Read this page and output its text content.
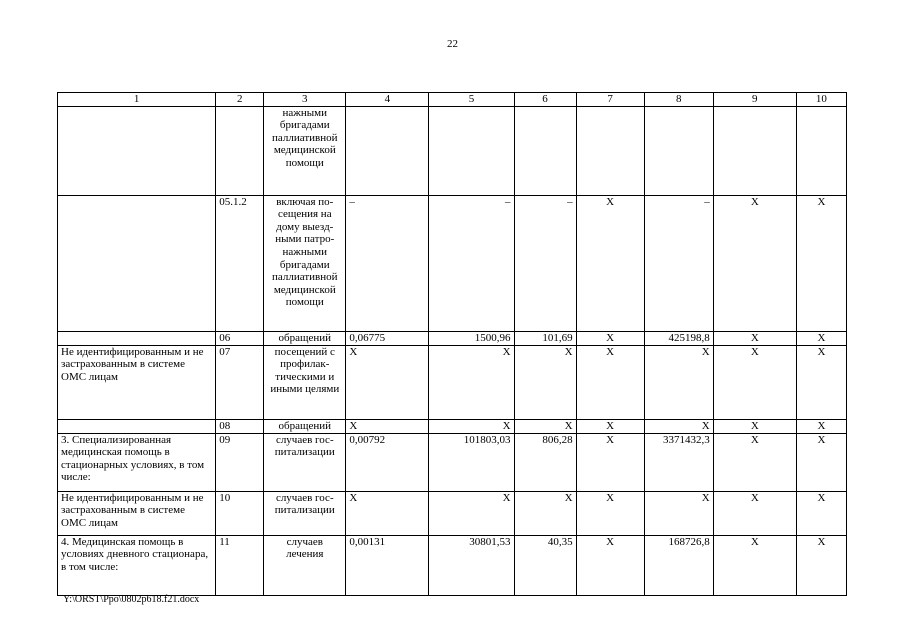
22
1	2	3	4	5	6	7	8	9	10
		нажными бригадами паллиативной медицинской помощи							
	05.1.2	включая по-сещения на дому выезд-ными патро-нажными бригадами паллиативной медицинской помощи	–	–	–	Х	–	Х	Х
	06	обращений	0,06775	1500,96	101,69	Х	425198,8	Х	Х
Не идентифицированным и не застрахованным в системе ОМС лицам	07	посещений с профилак-тическими и иными целями	Х	Х	Х	Х	Х	Х	Х
	08	обращений	Х	Х	Х	Х	Х	Х	Х
3. Специализированная медицинская помощь в стационарных условиях, в том числе:	09	случаев гос-питализации	0,00792	101803,03	806,28	Х	3371432,3	Х	Х
Не идентифицированным и не застрахованным в системе ОМС лицам	10	случаев гос-питализации	Х	Х	Х	Х	Х	Х	Х
4. Медицинская помощь в условиях дневного стационара, в том числе:	11	случаев лечения	0,00131	30801,53	40,35	Х	168726,8	Х	Х
Y:\ORST\Ppo\0802p618.f21.docx
